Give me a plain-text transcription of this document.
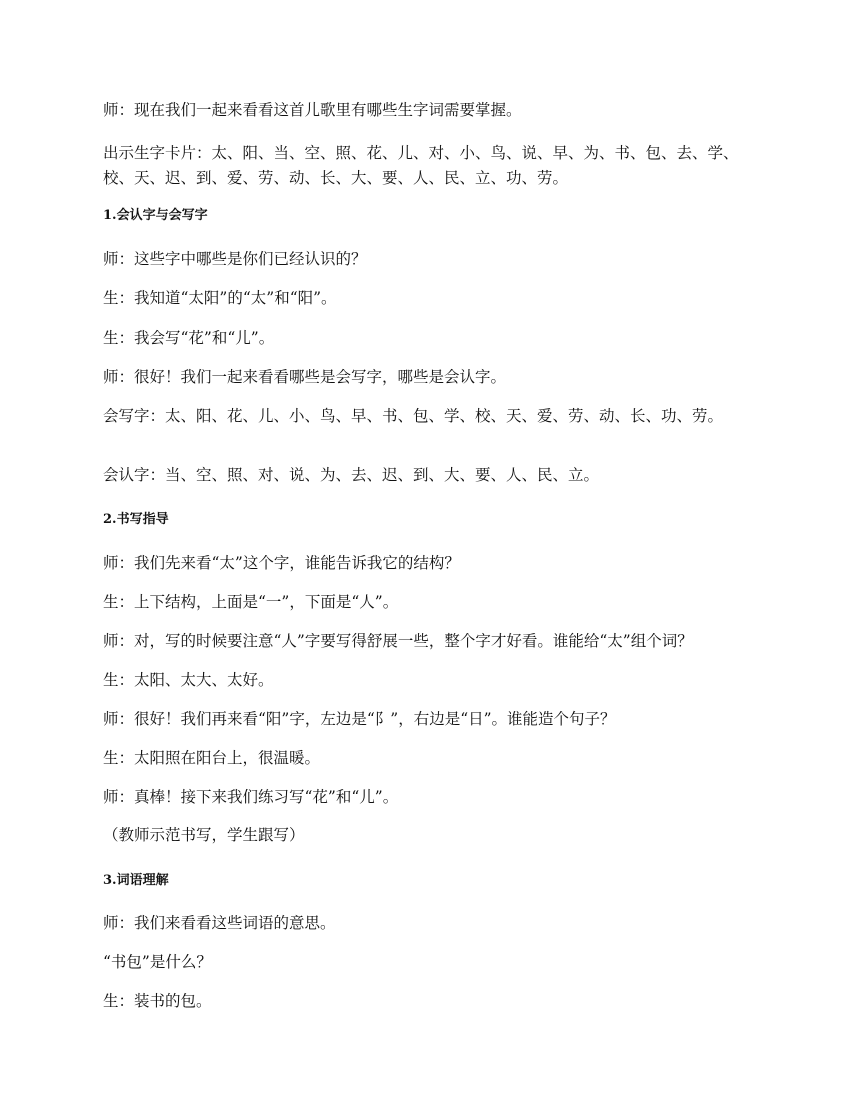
师：现在我们一起来看看这首儿歌里有哪些生字词需要掌握。
出示生字卡片：太、阳、当、空、照、花、儿、对、小、鸟、说、早、为、书、包、去、学、校、天、迟、到、爱、劳、动、长、大、要、人、民、立、功、劳。
1.会认字与会写字
师：这些字中哪些是你们已经认识的？
生：我知道“太阳”的“太”和“阳”。
生：我会写“花”和“儿”。
师：很好！我们一起来看看哪些是会写字，哪些是会认字。
会写字：太、阳、花、儿、小、鸟、早、书、包、学、校、天、爱、劳、动、长、功、劳。
会认字：当、空、照、对、说、为、去、迟、到、大、要、人、民、立。
2.书写指导
师：我们先来看“太”这个字，谁能告诉我它的结构？
生：上下结构，上面是“一”，下面是“人”。
师：对，写的时候要注意“人”字要写得舒展一些，整个字才好看。谁能给“太”组个词？
生：太阳、太大、太好。
师：很好！我们再来看“阳”字，左边是“阝”，右边是“日”。谁能造个句子？
生：太阳照在阳台上，很温暖。
师：真棒！接下来我们练习写“花”和“儿”。
（教师示范书写，学生跟写）
3.词语理解
师：我们来看看这些词语的意思。
“书包”是什么？
生：装书的包。
